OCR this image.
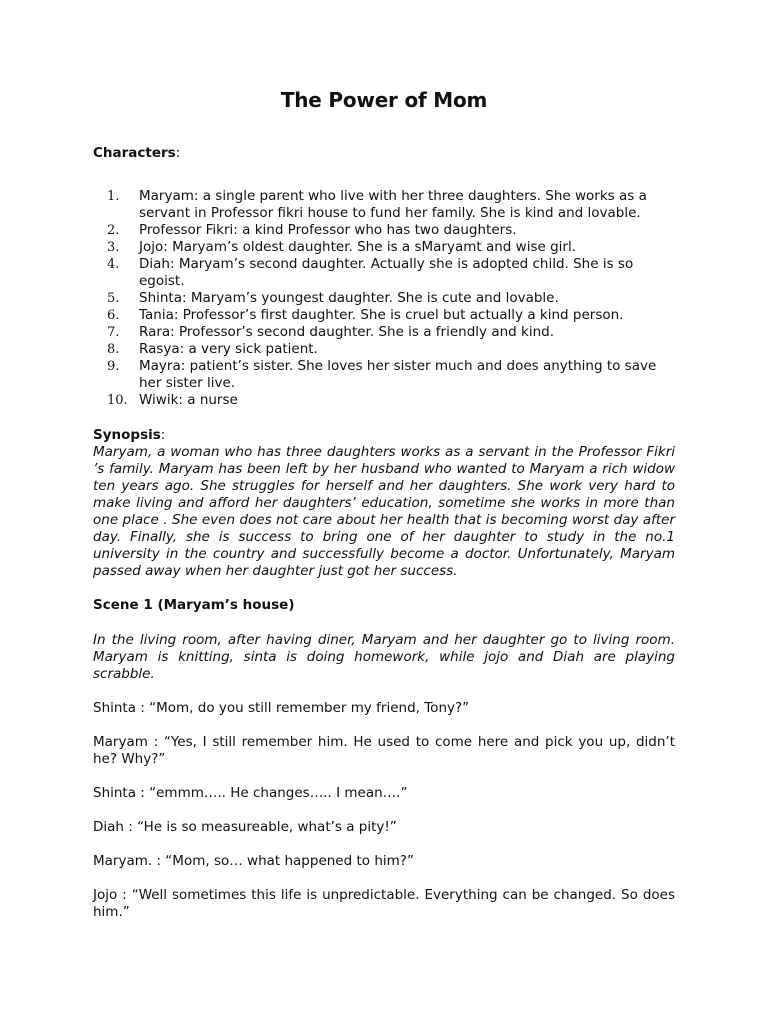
The Power of Mom

Characters:

1.	Maryam: a single parent who live with her three daughters. She works as a servant in Professor fikri house to fund her family. She is kind and lovable.
2.	Professor Fikri: a kind Professor who has two daughters.
3.	Jojo: Maryam’s oldest daughter. She is a sMaryamt and wise girl.
4.	Diah: Maryam’s second daughter. Actually she is adopted child. She is so egoist.
5.	Shinta: Maryam’s youngest daughter. She is cute and lovable.
6.	Tania: Professor’s first daughter. She is cruel but actually a kind person.
7.	Rara: Professor’s second daughter. She is a friendly and kind.
8.	Rasya: a very sick patient.
9.	Mayra: patient’s sister. She loves her sister much and does anything to save her sister live.
10. Wiwik: a nurse

Synopsis:

Maryam, a woman who has three daughters works as a servant in the Professor Fikri ’s family. Maryam has been left by her husband who wanted to Maryam a rich widow ten years ago. She struggles for herself and her daughters. She work very hard to make living and afford her daughters’ education, sometime she works in more than one place . She even does not care about her health that is becoming worst day after day. Finally, she is success to bring one of her daughter to study in the no.1 university in the country and successfully become a doctor. Unfortunately, Maryam passed away when her daughter just got her success.

Scene 1 (Maryam’s house)

In the living room, after having diner, Maryam and her daughter go to living room. Maryam is knitting, sinta is doing homework, while jojo and Diah are playing scrabble.

Shinta : “Mom, do you still remember my friend, Tony?”

Maryam : “Yes, I still remember him. He used to come here and pick you up, didn’t he? Why?”

Shinta : “emmm….. He changes….. I mean….”

Diah : “He is so measureable, what’s a pity!”

Maryam. : “Mom, so… what happened to him?”

Jojo : “Well sometimes this life is unpredictable. Everything can be changed. So does him.”
